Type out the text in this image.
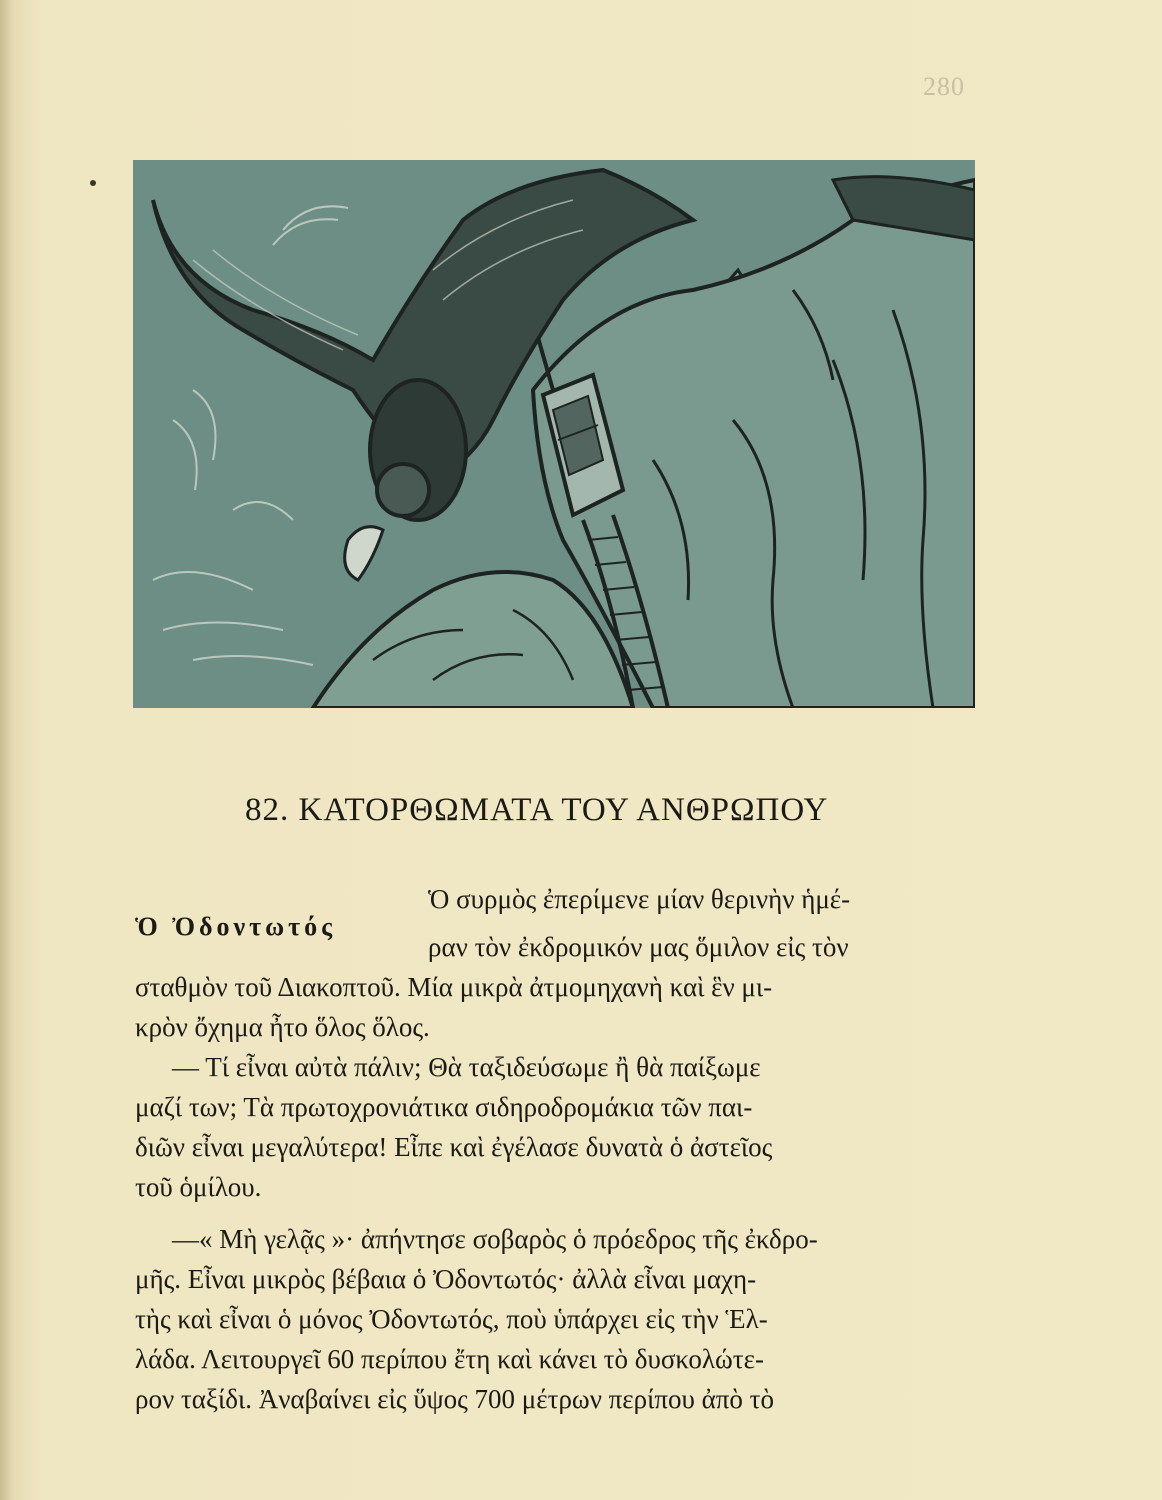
280
82. ΚΑΤΟΡΘΩΜΑΤΑ ΤΟΥ ΑΝΘΡΩΠΟΥ
Ὁ Ὀδοντωτός
Ὁ συρμὸς ἐπερίμενε μίαν θερινὴν ἡμέ-
ραν τὸν ἐκδρομικόν μας ὅμιλον εἰς τὸν
σταθμὸν τοῦ Διακοπτοῦ. Μία μικρὰ ἀτμομηχανὴ καὶ ἓν μι-
κρὸν ὄχημα ἦτο ὅλος ὅλος.
— Τί εἶναι αὐτὰ πάλιν; Θὰ ταξιδεύσωμε ἢ θὰ παίξωμε
μαζί των; Τὰ πρωτοχρονιάτικα σιδηροδρομάκια τῶν παι-
διῶν εἶναι μεγαλύτερα! Εἶπε καὶ ἐγέλασε δυνατὰ ὁ ἀστεῖος
τοῦ ὁμίλου.
—« Μὴ γελᾷς »· ἀπήντησε σοβαρὸς ὁ πρόεδρος τῆς ἐκδρο-
μῆς. Εἶναι μικρὸς βέβαια ὁ Ὀδοντωτός· ἀλλὰ εἶναι μαχη-
τὴς καὶ εἶναι ὁ μόνος Ὀδοντωτός, ποὺ ὑπάρχει εἰς τὴν Ἑλ-
λάδα. Λειτουργεῖ 60 περίπου ἔτη καὶ κάνει τὸ δυσκολώτε-
ρον ταξίδι. Ἀναβαίνει εἰς ὕψος 700 μέτρων περίπου ἀπὸ τὸ
